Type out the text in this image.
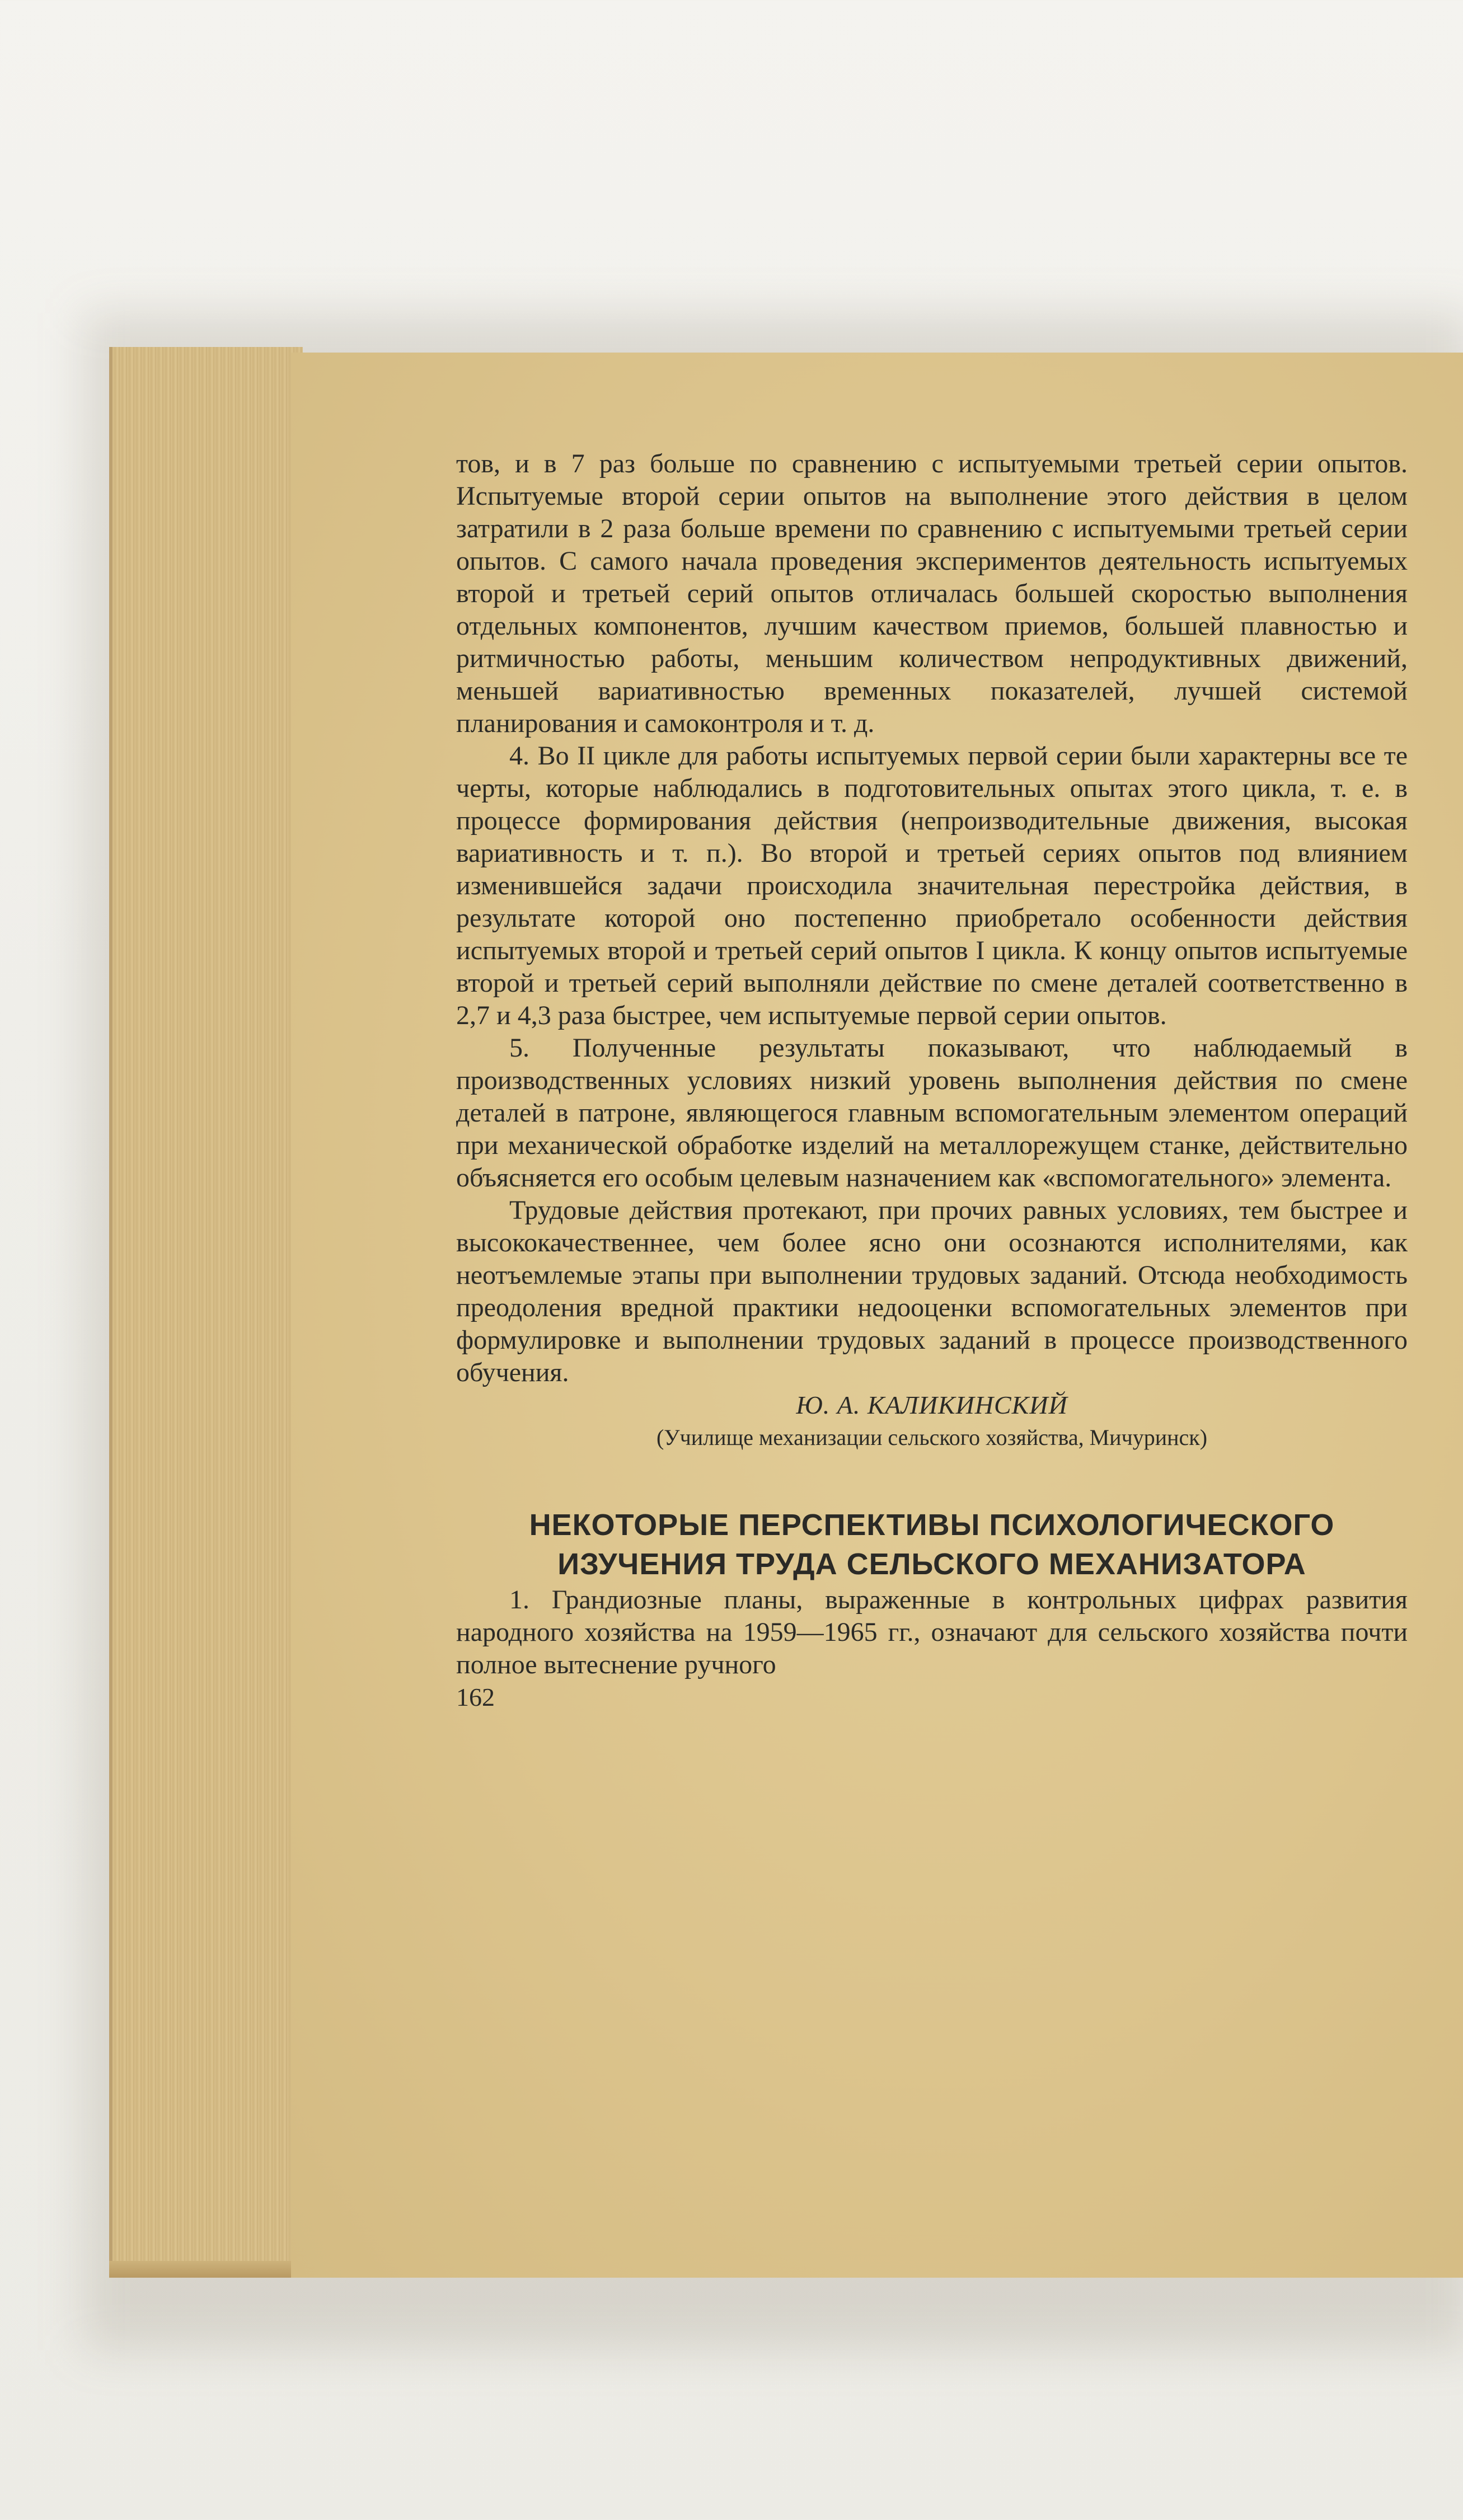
тов, и в 7 раз больше по сравнению с испытуемыми третьей серии опытов. Испытуемые второй серии опытов на выполнение этого действия в целом затратили в 2 раза больше времени по сравнению с испытуемыми третьей серии опытов. С самого начала проведения экспериментов деятельность испытуемых второй и третьей серий опытов отличалась большей скоростью выполнения отдельных компонентов, лучшим качеством приемов, большей плавностью и ритмичностью работы, меньшим количеством непродуктивных движений, меньшей вариативностью временных показателей, лучшей системой планирования и самоконтроля и т. д.

4. Во II цикле для работы испытуемых первой серии были характерны все те черты, которые наблюдались в подготовительных опытах этого цикла, т. е. в процессе формирования действия (непроизводительные движения, высокая вариативность и т. п.). Во второй и третьей сериях опытов под влиянием изменившейся задачи происходила значительная перестройка действия, в результате которой оно постепенно приобретало особенности действия испытуемых второй и третьей серий опытов I цикла. К концу опытов испытуемые второй и третьей серий выполняли действие по смене деталей соответственно в 2,7 и 4,3 раза быстрее, чем испытуемые первой серии опытов.

5. Полученные результаты показывают, что наблюдаемый в производственных условиях низкий уровень выполнения действия по смене деталей в патроне, являющегося главным вспомогательным элементом операций при механической обработке изделий на металлорежущем станке, действительно объясняется его особым целевым назначением как «вспомогательного» элемента.

Трудовые действия протекают, при прочих равных условиях, тем быстрее и высококачественнее, чем более ясно они осознаются исполнителями, как неотъемлемые этапы при выполнении трудовых заданий. Отсюда необходимость преодоления вредной практики недооценки вспомогательных элементов при формулировке и выполнении трудовых заданий в процессе производственного обучения.

Ю. А. КАЛИКИНСКИЙ

(Училище механизации сельского хозяйства, Мичуринск)

НЕКОТОРЫЕ ПЕРСПЕКТИВЫ ПСИХОЛОГИЧЕСКОГО
ИЗУЧЕНИЯ ТРУДА СЕЛЬСКОГО МЕХАНИЗАТОРА

1. Грандиозные планы, выраженные в контрольных цифрах развития народного хозяйства на 1959—1965 гг., означают для сельского хозяйства почти полное вытеснение ручного

162
